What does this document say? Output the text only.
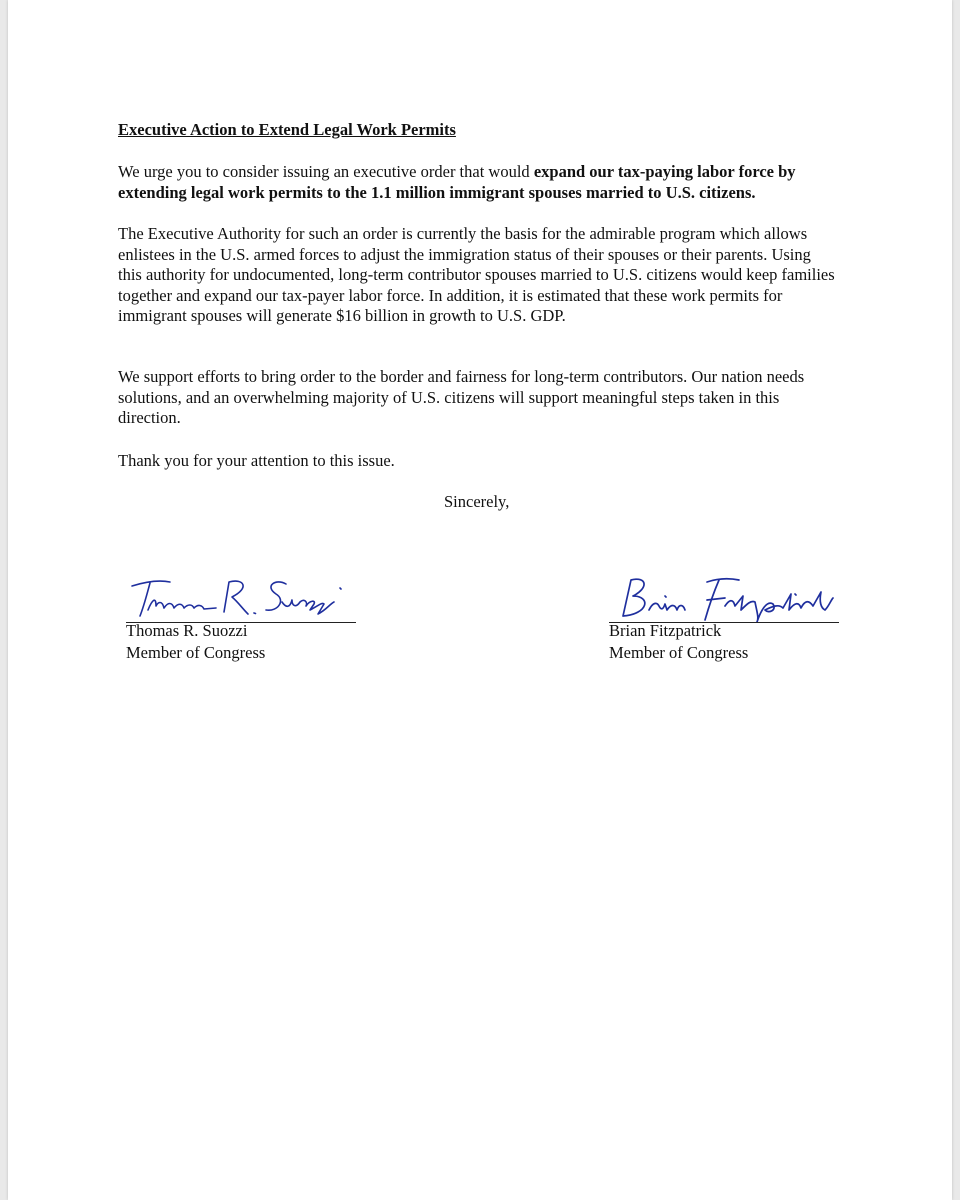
Executive Action to Extend Legal Work Permits

We urge you to consider issuing an executive order that would expand our tax-paying labor force by extending legal work permits to the 1.1 million immigrant spouses married to U.S. citizens.

The Executive Authority for such an order is currently the basis for the admirable program which allows enlistees in the U.S. armed forces to adjust the immigration status of their spouses or their parents. Using this authority for undocumented, long-term contributor spouses married to U.S. citizens would keep families together and expand our tax-payer labor force. In addition, it is estimated that these work permits for immigrant spouses will generate $16 billion in growth to U.S. GDP.

We support efforts to bring order to the border and fairness for long-term contributors. Our nation needs solutions, and an overwhelming majority of U.S. citizens will support meaningful steps taken in this direction.

Thank you for your attention to this issue.

Sincerely,

Thomas R. Suozzi

Member of Congress

Brian Fitzpatrick

Member of Congress
